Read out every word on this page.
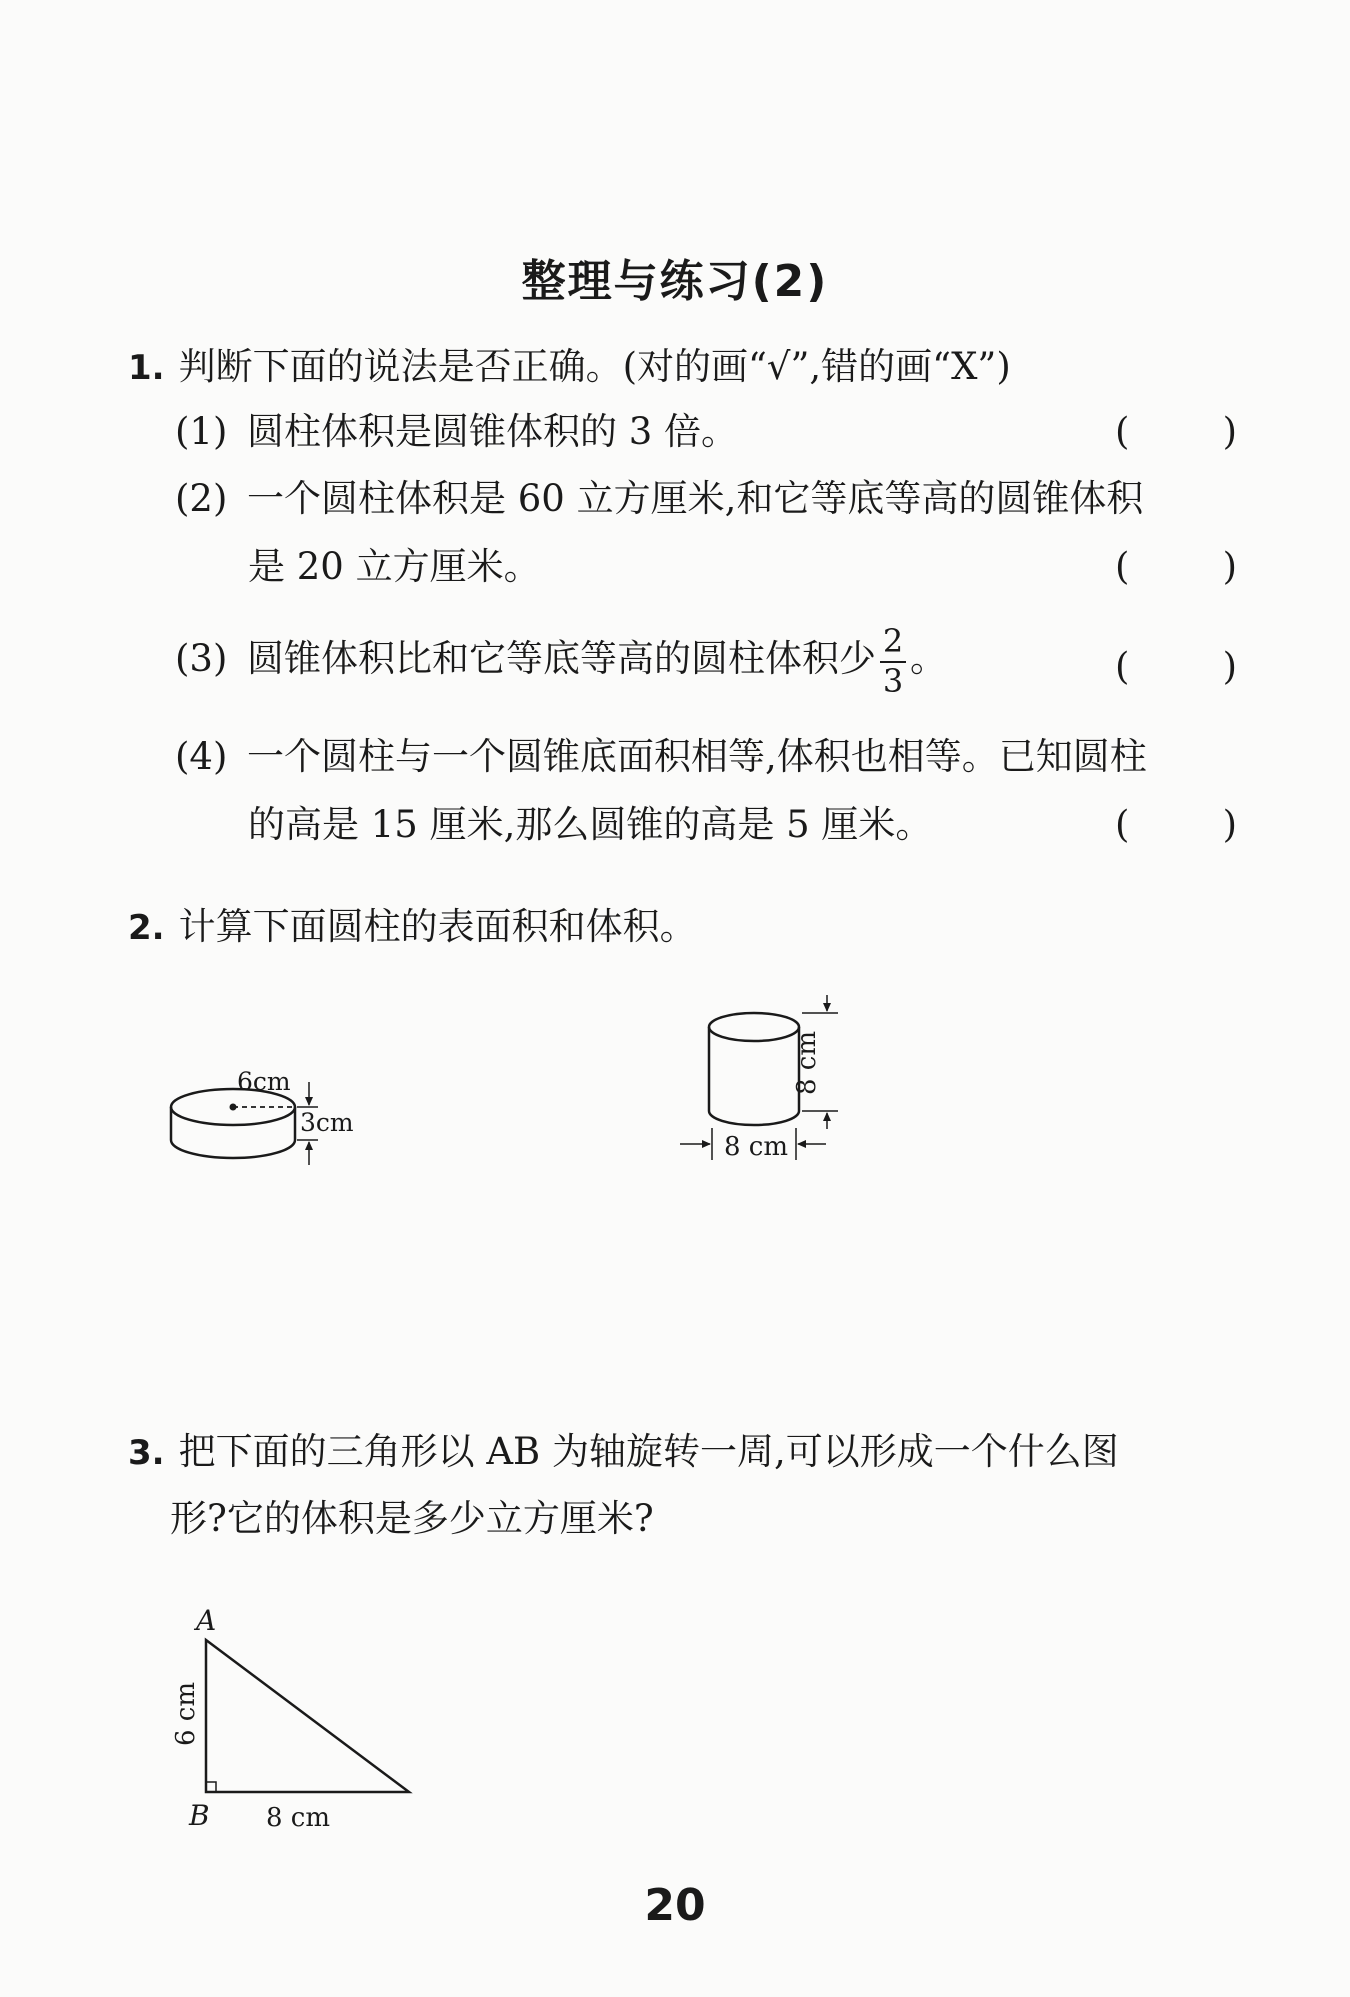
整理与练习(2)
1. 判断下面的说法是否正确。(对的画“√”,错的画“X”)
(1) 圆柱体积是圆锥体积的 3 倍。	(	)
(2) 一个圆柱体积是 60 立方厘米,和它等底等高的圆锥体积
是 20 立方厘米。	(	)
(3) 圆锥体积比和它等底等高的圆柱体积少 $\frac{2}{3}$ 。	(	)
(4) 一个圆柱与一个圆锥底面积相等,体积也相等。已知圆柱
的高是 15 厘米,那么圆锥的高是 5 厘米。	(	)
2. 计算下面圆柱的表面积和体积。
6cm
3cm
8 cm
8 cm
3. 把下面的三角形以 AB 为轴旋转一周,可以形成一个什么图
形?它的体积是多少立方厘米?
A
B
6 cm
8 cm
20
